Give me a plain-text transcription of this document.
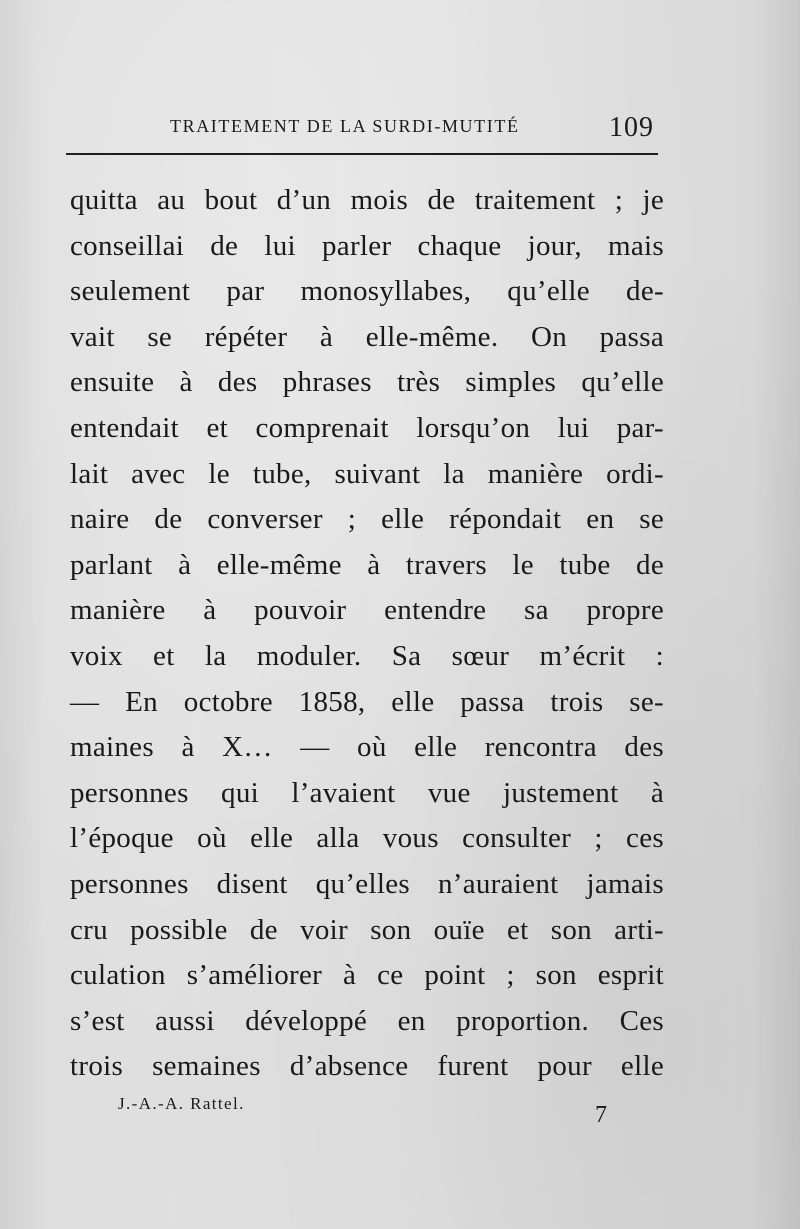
TRAITEMENT DE LA SURDI-MUTITÉ	109
quitta au bout d’un mois de traitement ; je
conseillai de lui parler chaque jour, mais
seulement par monosyllabes, qu’elle de-
vait se répéter à elle-même. On passa
ensuite à des phrases très simples qu’elle
entendait et comprenait lorsqu’on lui par-
lait avec le tube, suivant la manière ordi-
naire de converser ; elle répondait en se
parlant à elle-même à travers le tube de
manière à pouvoir entendre sa propre
voix et la moduler. Sa sœur m’écrit :
— En octobre 1858, elle passa trois se-
maines à X… — où elle rencontra des
personnes qui l’avaient vue justement à
l’époque où elle alla vous consulter ; ces
personnes disent qu’elles n’auraient jamais
cru possible de voir son ouïe et son arti-
culation s’améliorer à ce point ; son esprit
s’est aussi développé en proportion. Ces
trois semaines d’absence furent pour elle
J.-A.-A. Rattel.	7
